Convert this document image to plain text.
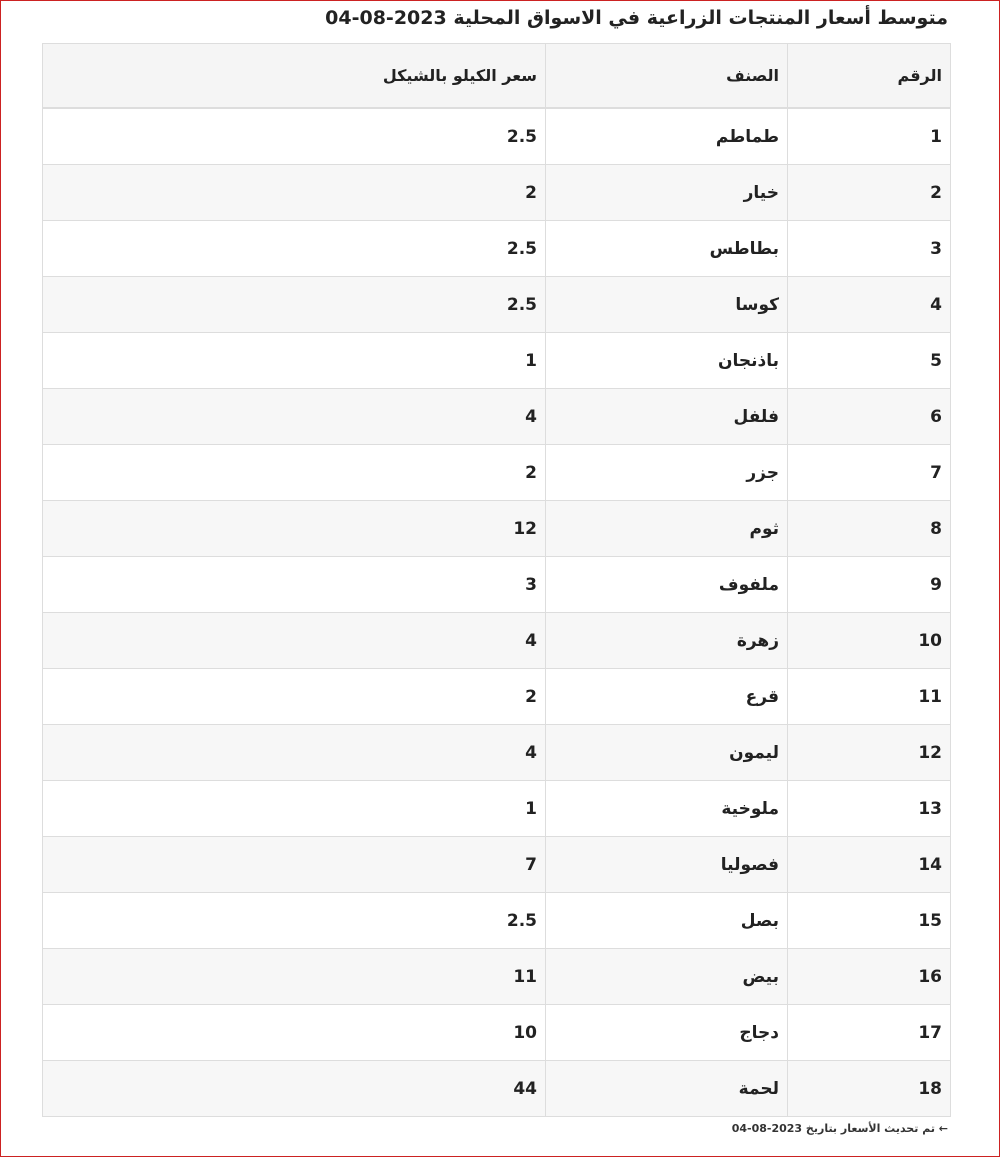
متوسط أسعار المنتجات الزراعية في الاسواق المحلية 2023-08-04
الرقم	الصنف	سعر الكيلو بالشيكل
1	طماطم	2.5
2	خيار	2
3	بطاطس	2.5
4	كوسا	2.5
5	باذنجان	1
6	فلفل	4
7	جزر	2
8	ثوم	12
9	ملفوف	3
10	زهرة	4
11	قرع	2
12	ليمون	4
13	ملوخية	1
14	فصوليا	7
15	بصل	2.5
16	بيض	11
17	دجاج	10
18	لحمة	44

← تم تحديث الأسعار بتاريخ 2023-08-04
